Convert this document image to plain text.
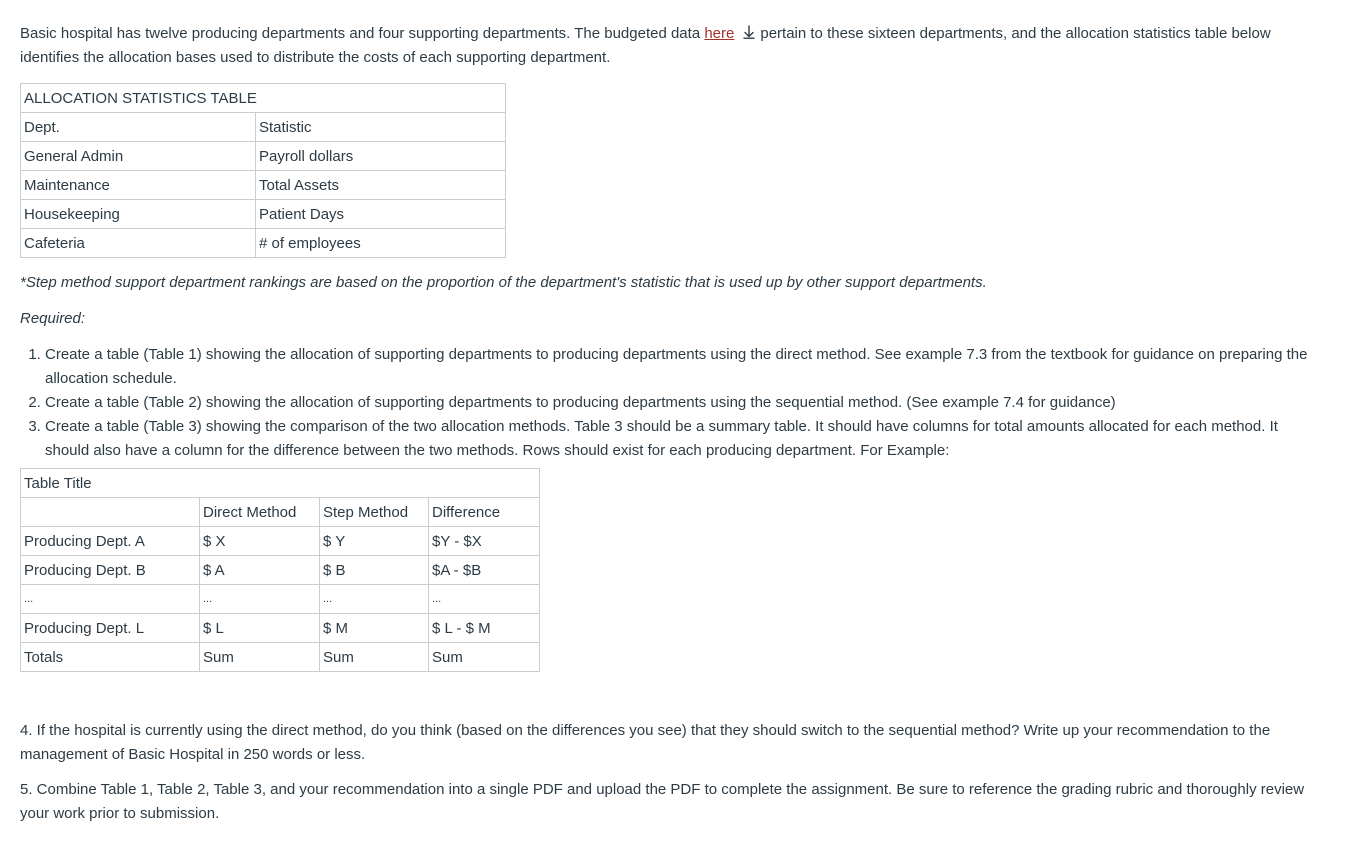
Basic hospital has twelve producing departments and four supporting departments. The budgeted data here pertain to these sixteen departments, and the allocation statistics table below identifies the allocation bases used to distribute the costs of each supporting department.

ALLOCATION STATISTICS TABLE	
Dept.	Statistic
General Admin	Payroll dollars
Maintenance	Total Assets
Housekeeping	Patient Days
Cafeteria	# of employees

*Step method support department rankings are based on the proportion of the department's statistic that is used up by other support departments.

Required:

1. Create a table (Table 1) showing the allocation of supporting departments to producing departments using the direct method. See example 7.3 from the textbook for guidance on preparing the allocation schedule.
2. Create a table (Table 2) showing the allocation of supporting departments to producing departments using the sequential method. (See example 7.4 for guidance)
3. Create a table (Table 3) showing the comparison of the two allocation methods. Table 3 should be a summary table. It should have columns for total amounts allocated for each method. It should also have a column for the difference between the two methods. Rows should exist for each producing department. For Example:
Table Title			
	Direct Method	Step Method	Difference
Producing Dept. A	$ X	$ Y	$Y - $X
Producing Dept. B	$ A	$ B	$A - $B
...	...	...	...
Producing Dept. L	$ L	$ M	$ L - $ M
Totals	Sum	Sum	Sum

4. If the hospital is currently using the direct method, do you think (based on the differences you see) that they should switch to the sequential method? Write up your recommendation to the management of Basic Hospital in 250 words or less.

5. Combine Table 1, Table 2, Table 3, and your recommendation into a single PDF and upload the PDF to complete the assignment. Be sure to reference the grading rubric and thoroughly review your work prior to submission.
